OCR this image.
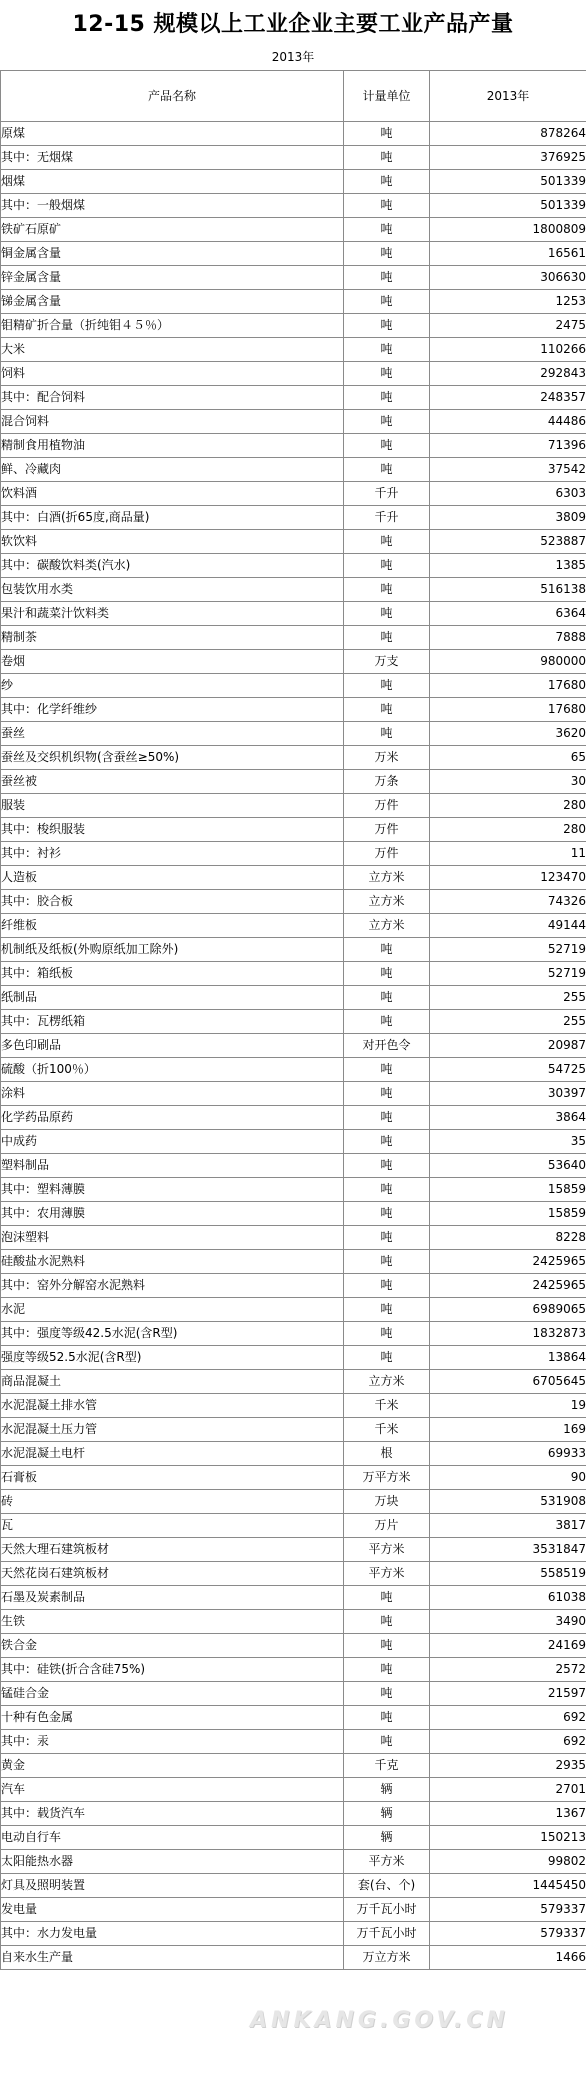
12-15 规模以上工业企业主要工业产品产量
2013年
产品名称	计量单位	2013年
原煤	吨	878264
其中：无烟煤	吨	376925
烟煤	吨	501339
其中：一般烟煤	吨	501339
铁矿石原矿	吨	1800809
铜金属含量	吨	16561
锌金属含量	吨	306630
锑金属含量	吨	1253
钼精矿折合量（折纯钼４５％）	吨	2475
大米	吨	110266
饲料	吨	292843
其中：配合饲料	吨	248357
混合饲料	吨	44486
精制食用植物油	吨	71396
鲜、冷藏肉	吨	37542
饮料酒	千升	6303
其中：白酒(折65度,商品量)	千升	3809
软饮料	吨	523887
其中：碳酸饮料类(汽水)	吨	1385
包装饮用水类	吨	516138
果汁和蔬菜汁饮料类	吨	6364
精制茶	吨	7888
卷烟	万支	980000
纱	吨	17680
其中：化学纤维纱	吨	17680
蚕丝	吨	3620
蚕丝及交织机织物(含蚕丝≥50%)	万米	65
蚕丝被	万条	30
服装	万件	280
其中：梭织服装	万件	280
其中：衬衫	万件	11
人造板	立方米	123470
其中：胶合板	立方米	74326
纤维板	立方米	49144
机制纸及纸板(外购原纸加工除外)	吨	52719
其中：箱纸板	吨	52719
纸制品	吨	255
其中：瓦楞纸箱	吨	255
多色印刷品	对开色令	20987
硫酸（折100％）	吨	54725
涂料	吨	30397
化学药品原药	吨	3864
中成药	吨	35
塑料制品	吨	53640
其中：塑料薄膜	吨	15859
其中：农用薄膜	吨	15859
泡沫塑料	吨	8228
硅酸盐水泥熟料	吨	2425965
其中：窑外分解窑水泥熟料	吨	2425965
水泥	吨	6989065
其中：强度等级42.5水泥(含R型)	吨	1832873
强度等级52.5水泥(含R型)	吨	13864
商品混凝土	立方米	6705645
水泥混凝土排水管	千米	19
水泥混凝土压力管	千米	169
水泥混凝土电杆	根	69933
石膏板	万平方米	90
砖	万块	531908
瓦	万片	3817
天然大理石建筑板材	平方米	3531847
天然花岗石建筑板材	平方米	558519
石墨及炭素制品	吨	61038
生铁	吨	3490
铁合金	吨	24169
其中：硅铁(折合含硅75%)	吨	2572
锰硅合金	吨	21597
十种有色金属	吨	692
其中：汞	吨	692
黄金	千克	2935
汽车	辆	2701
其中：载货汽车	辆	1367
电动自行车	辆	150213
太阳能热水器	平方米	99802
灯具及照明装置	套(台、个)	1445450
发电量	万千瓦小时	579337
其中：水力发电量	万千瓦小时	579337
自来水生产量	万立方米	1466
ANKANG.GOV.CN
